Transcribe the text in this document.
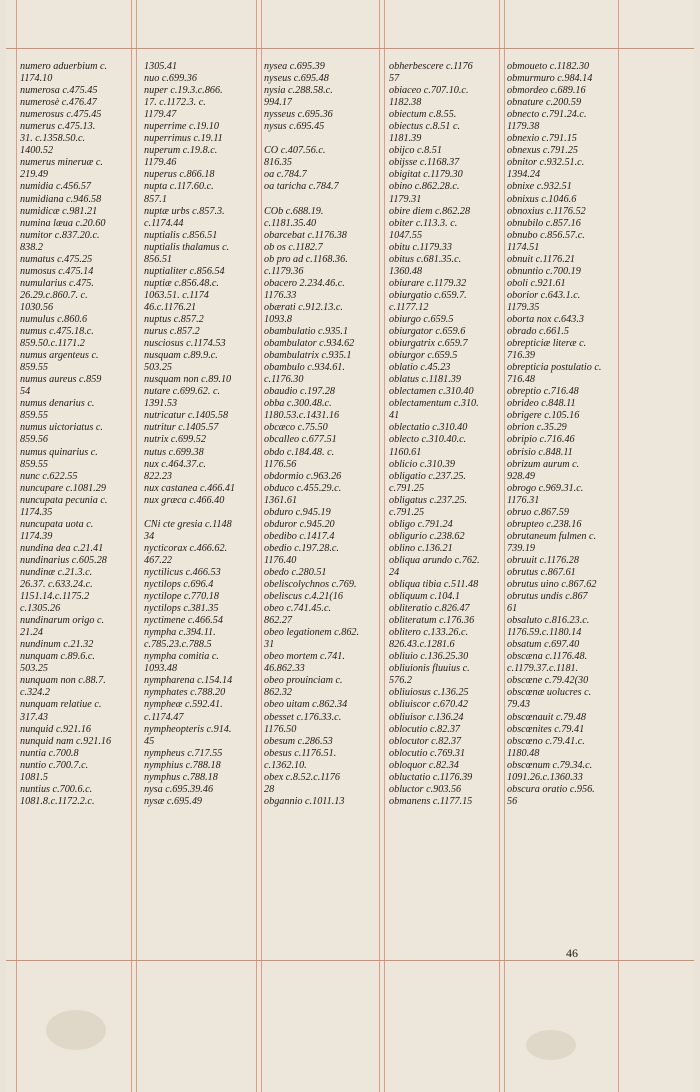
numero aduerbium c.
1174.10
numerosa c.475.45
numerosè c.476.47
numerosus c.475.45
numerus c.475.13.
31. c.1358.50.c.
1400.52
numerus mineruæ c.
219.49
numidia c.456.57
numidiana c.946.58
numidicæ c.981.21
numina læua c.20.60
numitor c.837.20.c.
838.2
numatus c.475.25
numosus c.475.14
numularius c.475.
26.29.c.860.7. c.
1030.56
numulus c.860.6
numus c.475.18.c.
859.50.c.1171.2
numus argenteus c.
859.55
numus aureus c.859
54
numus denarius c.
859.55
numus uictoriatus c.
859.56
numus quinarius c.
859.55
nunc c.622.55
nuncupare c.1081.29
nuncupata pecunia c.
1174.35
nuncupata uota c.
1174.39
nundina dea c.21.41
nundinarius c.605.28
nundinæ c.21.3.c.
26.37. c.633.24.c.
1151.14.c.1175.2
c.1305.26
nundinarum origo c.
21.24
nundinum c.21.32
nunquam c.89.6.c.
503.25
nunquam non c.88.7.
c.324.2
nunquam relatiue c.
317.43
nunquid c.921.16
nunquid nam c.921.16
nuntia c.700.8
nuntio c.700.7.c.
1081.5
nuntius c.700.6.c.
1081.8.c.1172.2.c.
1305.41
nuo c.699.36
nuper c.19.3.c.866.
17. c.1172.3. c.
1179.47
nuperrime c.19.10
nuperrimus c.19.11
nuperum c.19.8.c.
1179.46
nuperus c.866.18
nupta c.117.60.c.
857.1
nuptæ urbs c.857.3.
c.1174.44
nuptialis c.856.51
nuptialis thalamus c.
856.51
nuptialiter c.856.54
nuptiæ c.856.48.c.
1063.51. c.1174
46.c.1176.21
nuptus c.857.2
nurus c.857.2
nusciosus c.1174.53
nusquam c.89.9.c.
503.25
nusquam non c.89.10
nutare c.699.62. c.
1391.53
nutricatur c.1405.58
nutritur c.1405.57
nutrix c.699.52
nutus c.699.38
nux c.464.37.c.
822.23
nux castanea c.466.41
nux græca c.466.40

CNi cte gresia c.1148
34
nycticorax c.466.62.
467.22
nyctilicus c.466.53
nyctilops c.696.4
nyctilope c.770.18
nyctilops c.381.35
nyctimene c.466.54
nympha c.394.11.
c.785.23.c.788.5
nympha comitia c.
1093.48
nympharena c.154.14
nymphates c.788.20
nympheæ c.592.41.
c.1174.47
nympheopteris c.914.
45
nympheus c.717.55
nymphius c.788.18
nymphus c.788.18
nysa c.695.39.46
nysæ c.695.49
nysea c.695.39
nyseus c.695.48
nysia c.288.58.c.
994.17
nysseus c.695.36
nysus c.695.45

CO c.407.56.c.
816.35
oa c.784.7
oa taricha c.784.7

COb c.688.19.
c.1181.35.40
obarcebat c.1176.38
ob os c.1182.7
ob pro ad c.1168.36.
c.1179.36
obacero 2.234.46.c.
1176.33
obærati c.912.13.c.
1093.8
obambulatio c.935.1
obambulator c.934.62
obambulatrix c.935.1
obambulo c.934.61.
c.1176.30
obaudio c.197.28
obba c.300.48.c.
1180.53.c.1431.16
obcæco c.75.50
obcalleo c.677.51
obdo c.184.48. c.
1176.56
obdormio c.963.26
obduco c.455.29.c.
1361.61
obduro c.945.19
obduror c.945.20
obedibo c.1417.4
obedio c.197.28.c.
1176.40
obedo c.280.51
obeliscolychnos c.769.
obeliscus c.4.21(16
obeo c.741.45.c.
862.27
obeo legationem c.862.
31
obeo mortem c.741.
46.862.33
obeo prouinciam c.
862.32
obeo uitam c.862.34
obesset c.176.33.c.
1176.50
obesum c.286.53
obesus c.1176.51.
c.1362.10.
obex c.8.52.c.1176
28
obgannio c.1011.13
obherbescere c.1176
57
obiaceo c.707.10.c.
1182.38
obiectum c.8.55.
obiectus c.8.51 c.
1181.39
obijco c.8.51
obijsse c.1168.37
obigitat c.1179.30
obino c.862.28.c.
1179.31
obire diem c.862.28
obiter c.113.3. c.
1047.55
obitu c.1179.33
obitus c.681.35.c.
1360.48
obiurare c.1179.32
obiurgatio c.659.7.
c.1177.12
obiurgo c.659.5
obiurgator c.659.6
obiurgatrix c.659.7
obiurgor c.659.5
oblatio c.45.23
oblatus c.1181.39
oblectamen c.310.40
oblectamentum c.310.
41
oblectatio c.310.40
oblecto c.310.40.c.
1160.61
oblicio c.310.39
obligatio c.237.25.
c.791.25
obligatus c.237.25.
c.791.25
obligo c.791.24
obligurio c.238.62
oblino c.136.21
obliqua arundo c.762.
24
obliqua tibia c.511.48
obliquum c.104.1
obliteratio c.826.47
obliteratum c.176.36
oblitero c.133.26.c.
826.43.c.1281.6
obliuio c.136.25.30
obliuionis fluuius c.
576.2
obliuiosus c.136.25
obliuiscor c.670.42
obliuisor c.136.24
oblocutio c.82.37
oblocutor c.82.37
oblocutio c.769.31
obloquor c.82.34
obluctatio c.1176.39
obluctor c.903.56
obmanens c.1177.15
obmoueto c.1182.30
obmurmuro c.984.14
obmordeo c.689.16
obnature c.200.59
obnecto c.791.24.c.
1179.38
obnexio c.791.15
obnexus c.791.25
obnitor c.932.51.c.
1394.24
obnixe c.932.51
obnixus c.1046.6
obnoxius c.1176.52
obnubilo c.857.16
obnubo c.856.57.c.
1174.51
obnuit c.1176.21
obnuntio c.700.19
oboli c.921.61
oborior c.643.1.c.
1179.35
oborta nox c.643.3
obrado c.661.5
obrepticiæ literæ c.
716.39
obrepticia postulatio c.
716.48
obreptio c.716.48
obrideo c.848.11
obrigere c.105.16
obrion c.35.29
obripio c.716.46
obrisio c.848.11
obrizum aurum c.
928.49
obrogo c.969.31.c.
1176.31
obruo c.867.59
obrupteo c.238.16
obrutaneum fulmen c.
739.19
obruuit c.1176.28
obrutus c.867.61
obrutus uino c.867.62
obrutus undis c.867
61
obsaluto c.816.23.c.
1176.59.c.1180.14
obsatum c.697.40
obscæna c.1176.48.
c.1179.37.c.1181.
obscœne c.79.42(30
obscœnæ uolucres c.
79.43
obscœnauit c.79.48
obscœnites c.79.41
obscœno c.79.41.c.
1180.48
obscœnum c.79.34.c.
1091.26.c.1360.33
obscura oratio c.956.
56
46
